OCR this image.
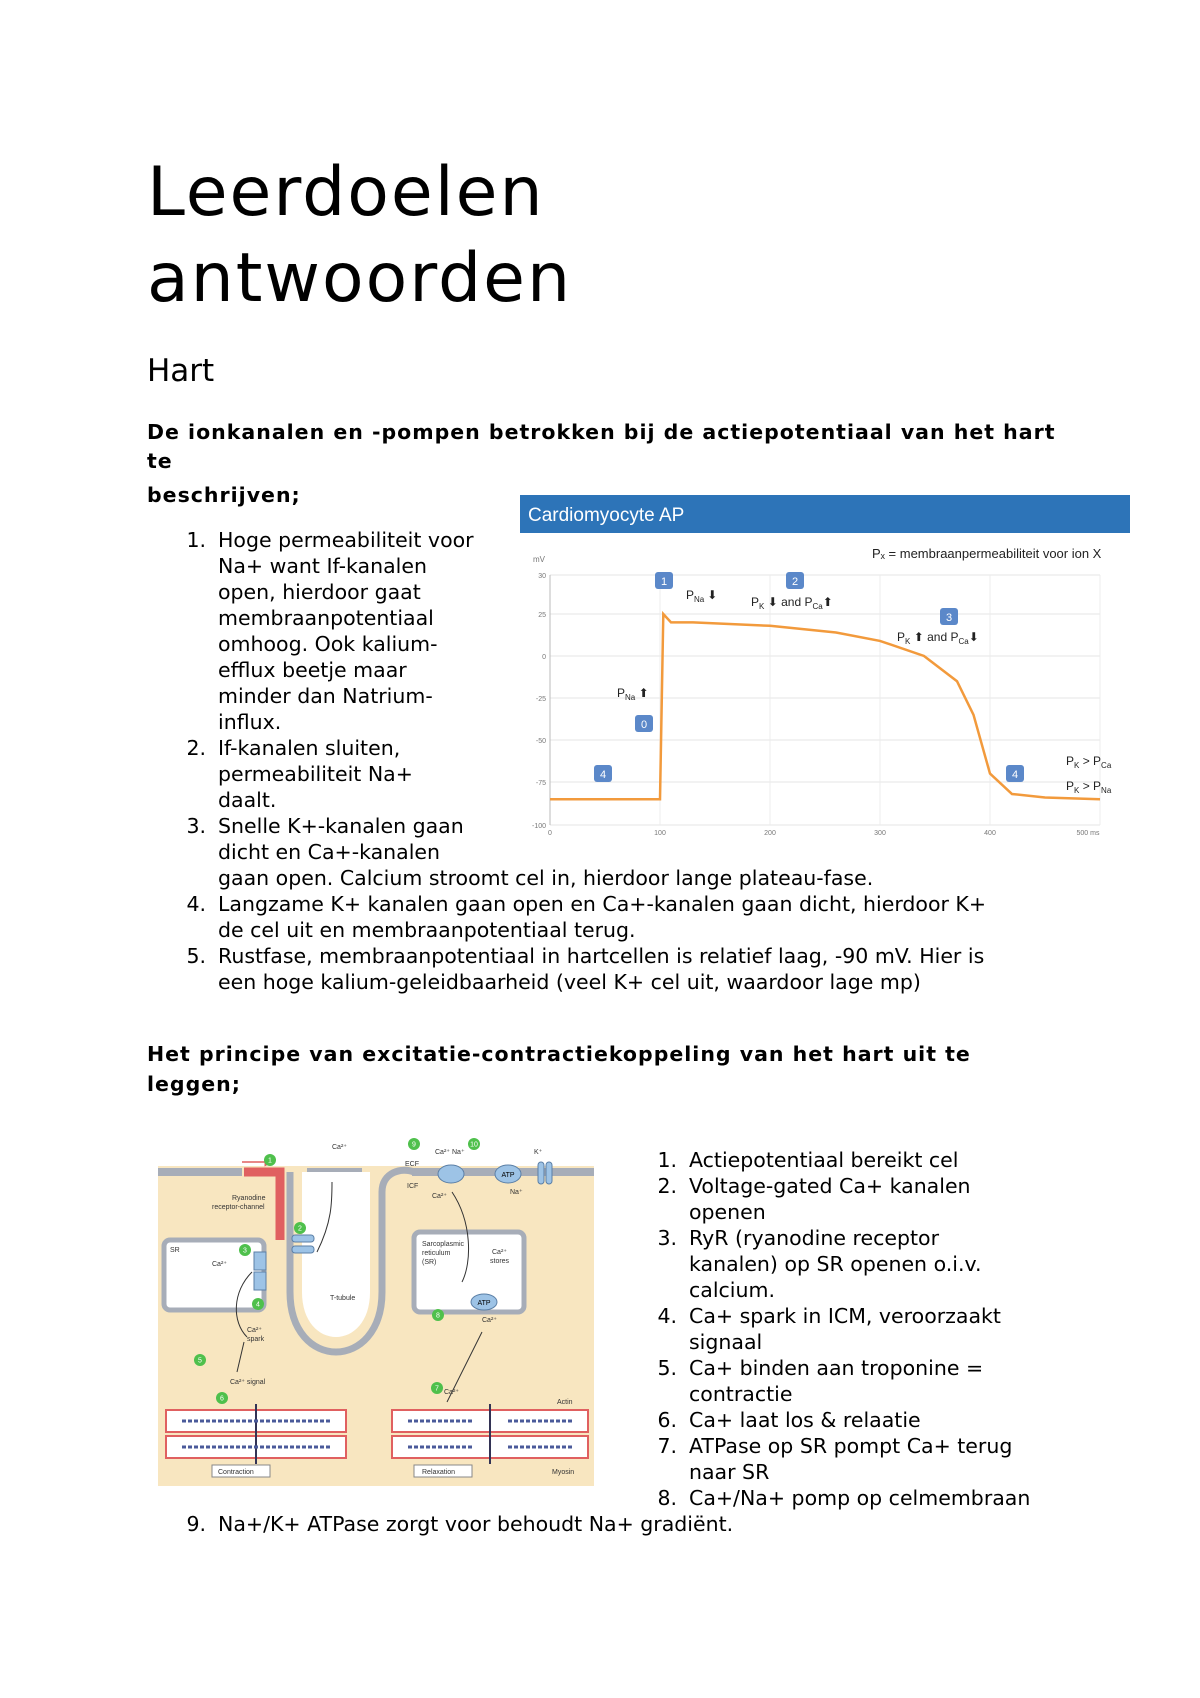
Leerdoelen
antwoorden
Hart
De ionkanalen en -pompen betrokken bij de actiepotentiaal van het hart
te
beschrijven;
1. Hoge permeabiliteit voor
Na+ want If-kanalen
open, hierdoor gaat
membraanpotentiaal
omhoog. Ook kalium-
efflux beetje maar
minder dan Natrium-
influx.
2. If-kanalen sluiten,
permeabiliteit Na+
daalt.
3. Snelle K+-kanalen gaan
dicht en Ca+-kanalen
gaan open. Calcium stroomt cel in, hierdoor lange plateau-fase.
4. Langzame K+ kanalen gaan open en Ca+-kanalen gaan dicht, hierdoor K+
de cel uit en membraanpotentiaal terug.
5. Rustfase, membraanpotentiaal in hartcellen is relatief laag, -90 mV. Hier is
een hoge kalium-geleidbaarheid (veel K+ cel uit, waardoor lage mp)
Cardiomyocyte AP
Pₓ = membraanpermeabiliteit voor ion X
mV
30
25
0
-25
-50
-75
-100
0	100	200	300	400	500 ms
1	2
3
0
4	4
$P_{Na}$ ⬇	$P_K$ ⬇ and $P_{Ca}⬆$
$P_K$ ⬆ and $P_{Ca}⬇$
$P_{Na}$ ⬆
$P_K > P_{Ca}$
$P_K > P_{Na}$
Het principe van excitatie-contractiekoppeling van het hart uit te
leggen;
ATP
ATP
Ca²⁺
ECF
ICF
Ca²⁺ Na⁺
Na⁺
K⁺
Ca²⁺
Ryanodine
receptor-channel
SR
Ca²⁺
T-tubule
Sarcoplasmic
reticulum
(SR)
Ca²⁺
stores
Ca²⁺
spark
Ca²⁺ signal
Ca²⁺
Ca²⁺
Actin
Myosin
Contraction	Relaxation
1
2
3
4
5
6
7
8
9	10
1. Actiepotentiaal bereikt cel
2. Voltage-gated Ca+ kanalen
openen
3. RyR (ryanodine receptor
kanalen) op SR openen o.i.v.
calcium.
4. Ca+ spark in ICM, veroorzaakt
signaal
5. Ca+ binden aan troponine =
contractie
6. Ca+ laat los & relaatie
7. ATPase op SR pompt Ca+ terug
naar SR
8. Ca+/Na+ pomp op celmembraan
9. Na+/K+ ATPase zorgt voor behoudt Na+ gradiënt.
